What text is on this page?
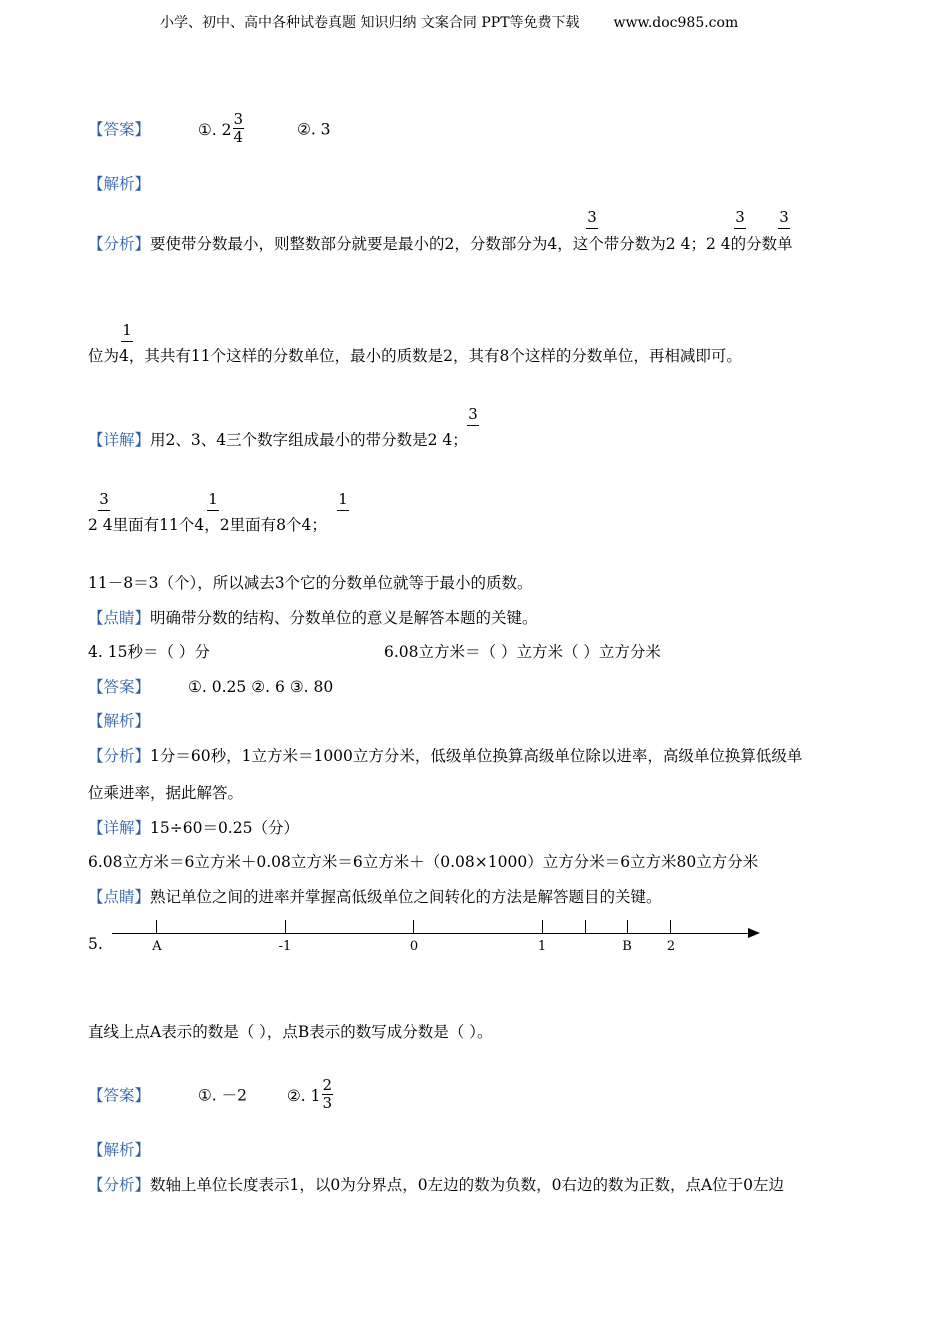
小学、初中、高中各种试卷真题 知识归纳 文案合同 PPT等免费下载 www.doc985.com
【答案】	①. $2 \frac{3}{4}$	②. 3
【解析】
3	3 3
【分析】要使带分数最小，则整数部分就要是最小的2，分数部分为4，这个带分数为2 4；2 4的分数单
1
位为4，其共有11个这样的分数单位，最小的质数是2，其有8个这样的分数单位，再相减即可。
3
【详解】用2、3、4三个数字组成最小的带分数是2 4；
3	1	1
2 4里面有11个4，2里面有8个4；
11－8＝3（个），所以减去3个它的分数单位就等于最小的质数。
【点睛】明确带分数的结构、分数单位的意义是解答本题的关键。
4. 15秒＝（ ）分	6.08立方米＝（ ）立方米（ ）立方分米
【答案】 ①. 0.25 ②. 6 ③. 80
【解析】
【分析】1分＝60秒，1立方米＝1000立方分米，低级单位换算高级单位除以进率，高级单位换算低级单
位乘进率，据此解答。
【详解】15÷60＝0.25（分）
6.08立方米＝6立方米＋0.08立方米＝6立方米＋（0.08×1000）立方分米＝6立方米80立方分米
【点睛】熟记单位之间的进率并掌握高低级单位之间转化的方法是解答题目的关键。
5.	A	-1	0	1	B	2
直线上点A表示的数是（ ），点B表示的数写成分数是（ ）。
【答案】	①. －2	②. $1 \frac{2}{3}$
【解析】
【分析】数轴上单位长度表示1，以0为分界点，0左边的数为负数，0右边的数为正数，点A位于0左边
